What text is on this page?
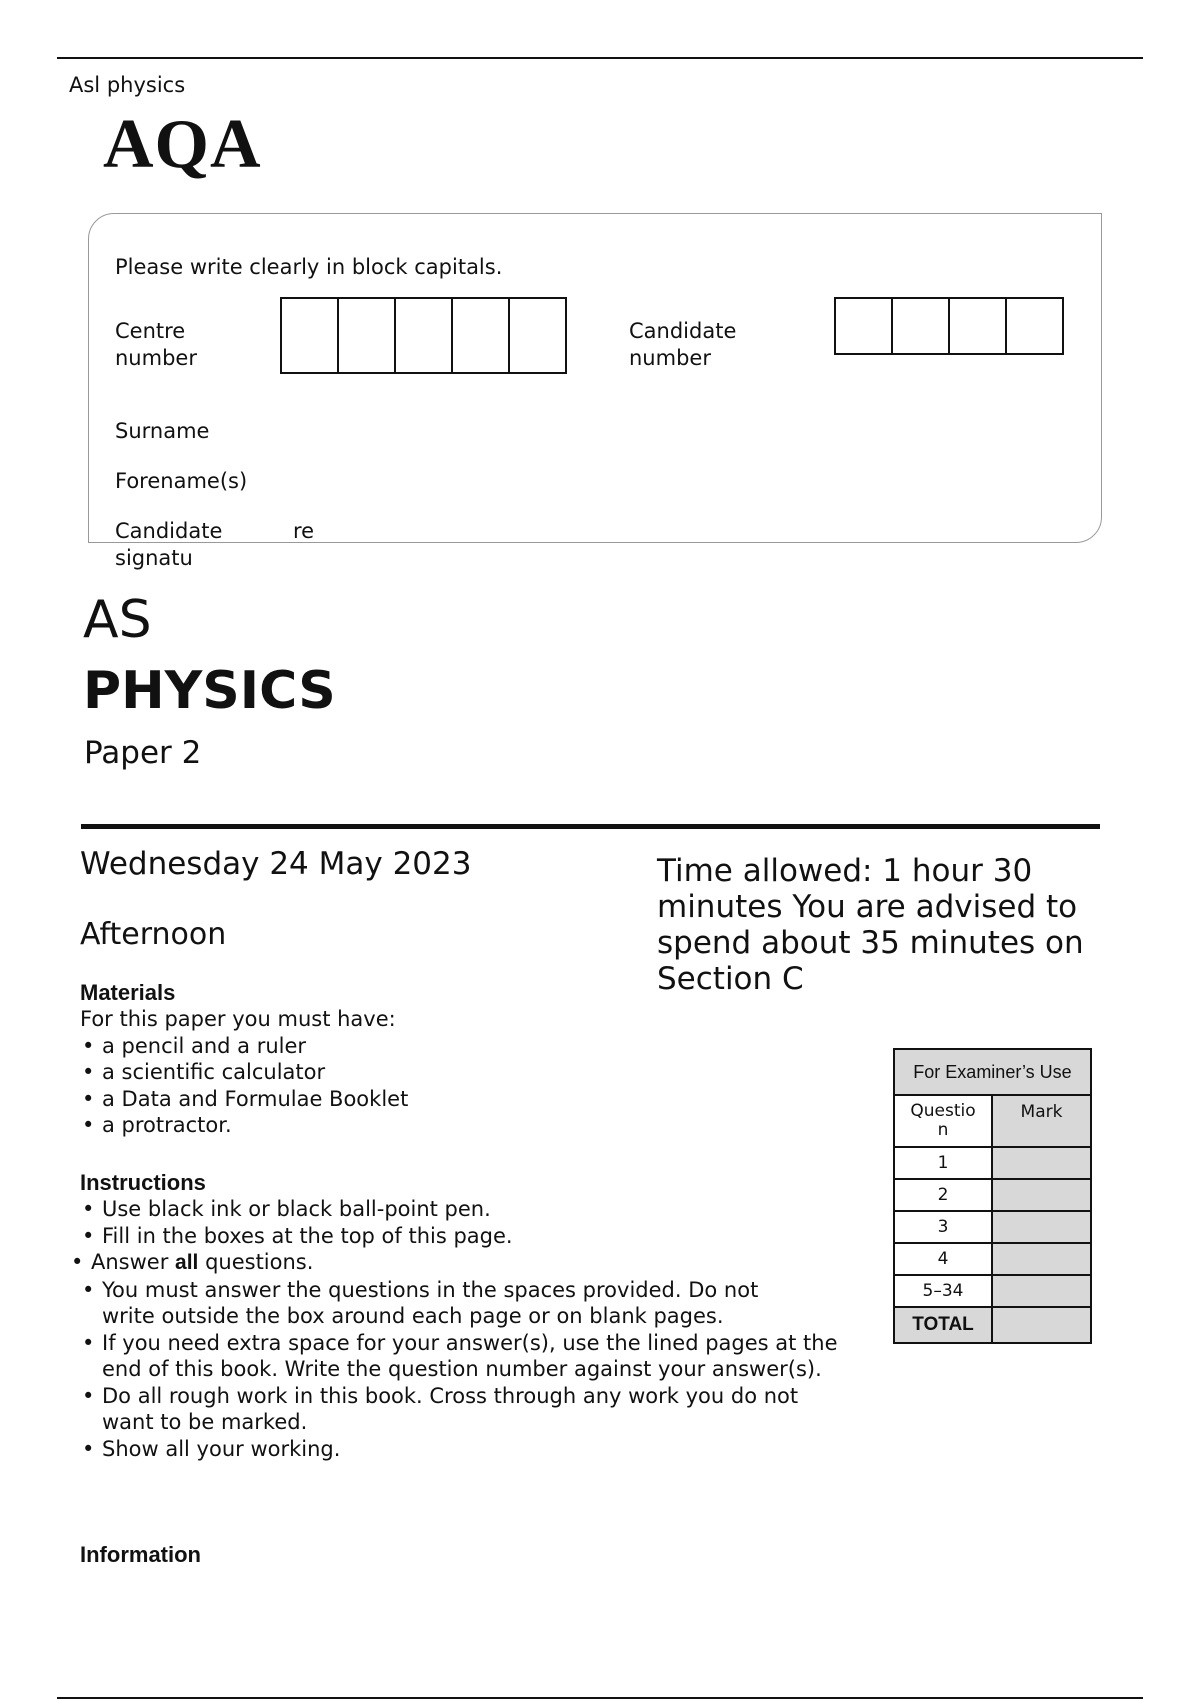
Asl physics
AQA
Please write clearly in block capitals.
Centre
number
Candidate
number
Surname
Forename(s)
Candidate
signatu
re
AS
PHYSICS
Paper 2
Wednesday 24 May 2023
Afternoon
Time allowed: 1 hour 30 minutes You are advised to spend about 35 minutes on Section C
Materials
For this paper you must have:
• a pencil and a ruler
• a scientific calculator
• a Data and Formulae Booklet
• a protractor.
Instructions
• Use black ink or black ball-point pen.
• Fill in the boxes at the top of this page.
• Answer all questions.
• You must answer the questions in the spaces provided. Do not write outside the box around each page or on blank pages.
• If you need extra space for your answer(s), use the lined pages at the end of this book. Write the question number against your answer(s).
• Do all rough work in this book. Cross through any work you do not want to be marked.
• Show all your working.
Information
For Examiner’s Use	

Questio
n	Mark
1	
2	
3	
4	
5–34	
TOTAL	
